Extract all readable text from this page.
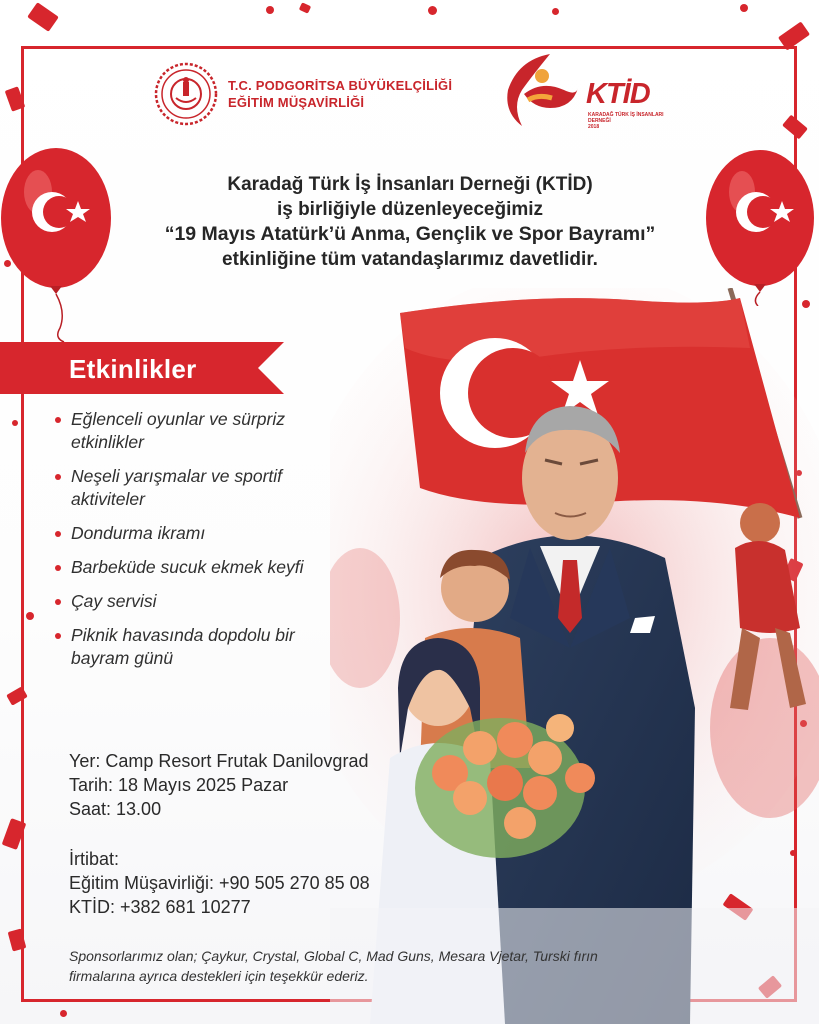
T.C. PODGORİTSA BÜYÜKELÇİLİĞİ
EĞİTİM MÜŞAVİRLİĞİ	KTİD
KARADAĞ TÜRK İŞ İNSANLARI
DERNEĞİ
2018
Karadağ Türk İş İnsanları Derneği (KTİD)
iş birliğiyle düzenleyeceğimiz
“19 Mayıs Atatürk’ü Anma, Gençlik ve Spor Bayramı”
etkinliğine tüm vatandaşlarımız davetlidir.
Etkinlikler
Eğlenceli oyunlar ve sürpriz
etkinlikler
Neşeli yarışmalar ve sportif
aktiviteler
Dondurma ikramı
Barbeküde sucuk ekmek keyfi
Çay servisi
Piknik havasında dopdolu bir
bayram günü
Yer: Camp Resort Frutak Danilovgrad
Tarih: 18 Mayıs 2025 Pazar
Saat: 13.00
İrtibat:
Eğitim Müşavirliği: +90 505 270 85 08
KTİD: +382 681 10277
Sponsorlarımız olan; Çaykur, Crystal, Global C, Mad Guns, Mesara Vjetar, Turski fırın
firmalarına ayrıca destekleri için teşekkür ederiz.
